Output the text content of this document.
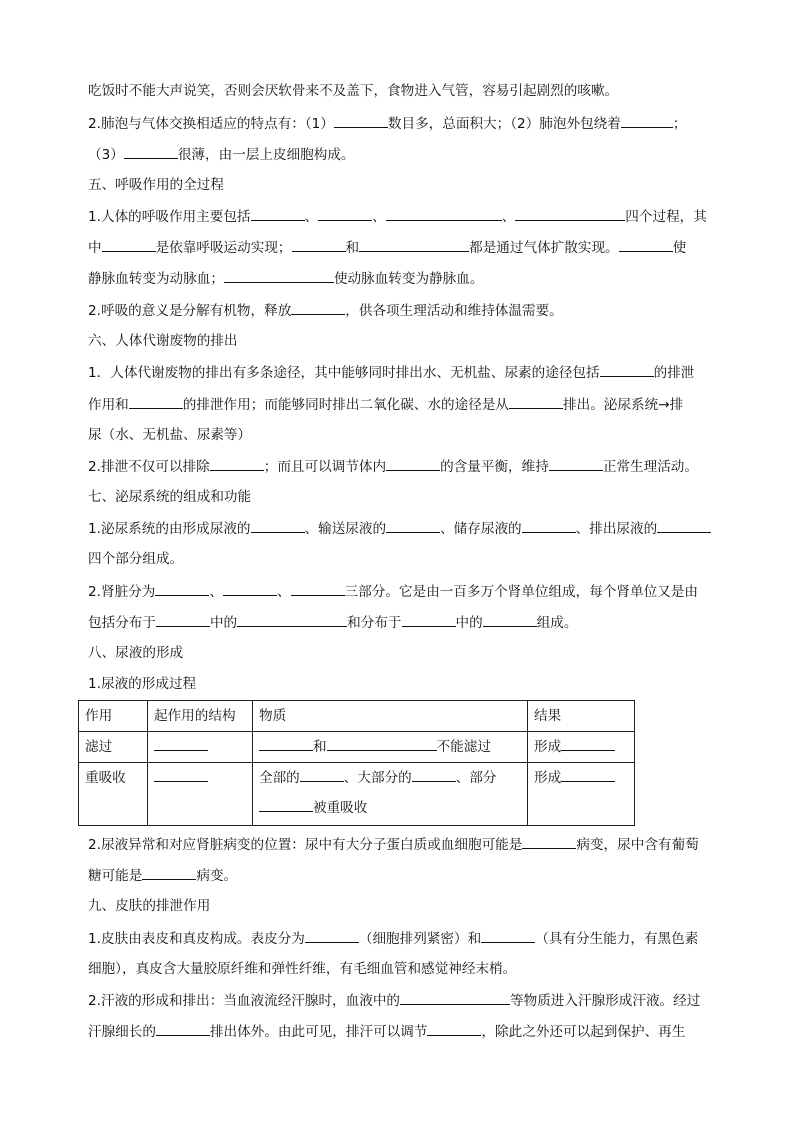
吃饭时不能大声说笑，否则会厌软骨来不及盖下，食物进入气管，容易引起剧烈的咳嗽。
2.肺泡与气体交换相适应的特点有：（1）	数目多，总面积大；（2）肺泡外包绕着	；
（3）	很薄，由一层上皮细胞构成。
五、呼吸作用的全过程
1.人体的呼吸作用主要包括	、	、	、	四个过程，其
中	是依靠呼吸运动实现；	和	都是通过气体扩散实现。	使
静脉血转变为动脉血；	使动脉血转变为静脉血。
2.呼吸的意义是分解有机物，释放	，供各项生理活动和维持体温需要。
六、人体代谢废物的排出
1．人体代谢废物的排出有多条途径，其中能够同时排出水、无机盐、尿素的途径包括	的排泄
作用和	的排泄作用；而能够同时排出二氧化碳、水的途径是从	排出。泌尿系统→排
尿（水、无机盐、尿素等）
2.排泄不仅可以排除	；而且可以调节体内	的含量平衡，维持	正常生理活动。
七、泌尿系统的组成和功能
1.泌尿系统的由形成尿液的	、输送尿液的	、储存尿液的	、排出尿液的
四个部分组成。
2.肾脏分为	、	、	三部分。它是由一百多万个肾单位组成，每个肾单位又是由
包括分布于	中的	和分布于	中的	组成。
八、尿液的形成
1.尿液的形成过程
作用	起作用的结构	物质	结果
滤过		和 不能滤过	形成
重吸收		全部的 、大部分的 、部分
被重吸收	形成
2.尿液异常和对应肾脏病变的位置：尿中有大分子蛋白质或血细胞可能是	病变，尿中含有葡萄
糖可能是	病变。
九、皮肤的排泄作用
1.皮肤由表皮和真皮构成。表皮分为	（细胞排列紧密）和	（具有分生能力，有黑色素
细胞），真皮含大量胶原纤维和弹性纤维，有毛细血管和感觉神经末梢。
2.汗液的形成和排出：当血液流经汗腺时，血液中的	等物质进入汗腺形成汗液。经过
汗腺细长的	排出体外。由此可见，排汗可以调节	，除此之外还可以起到保护、再生
